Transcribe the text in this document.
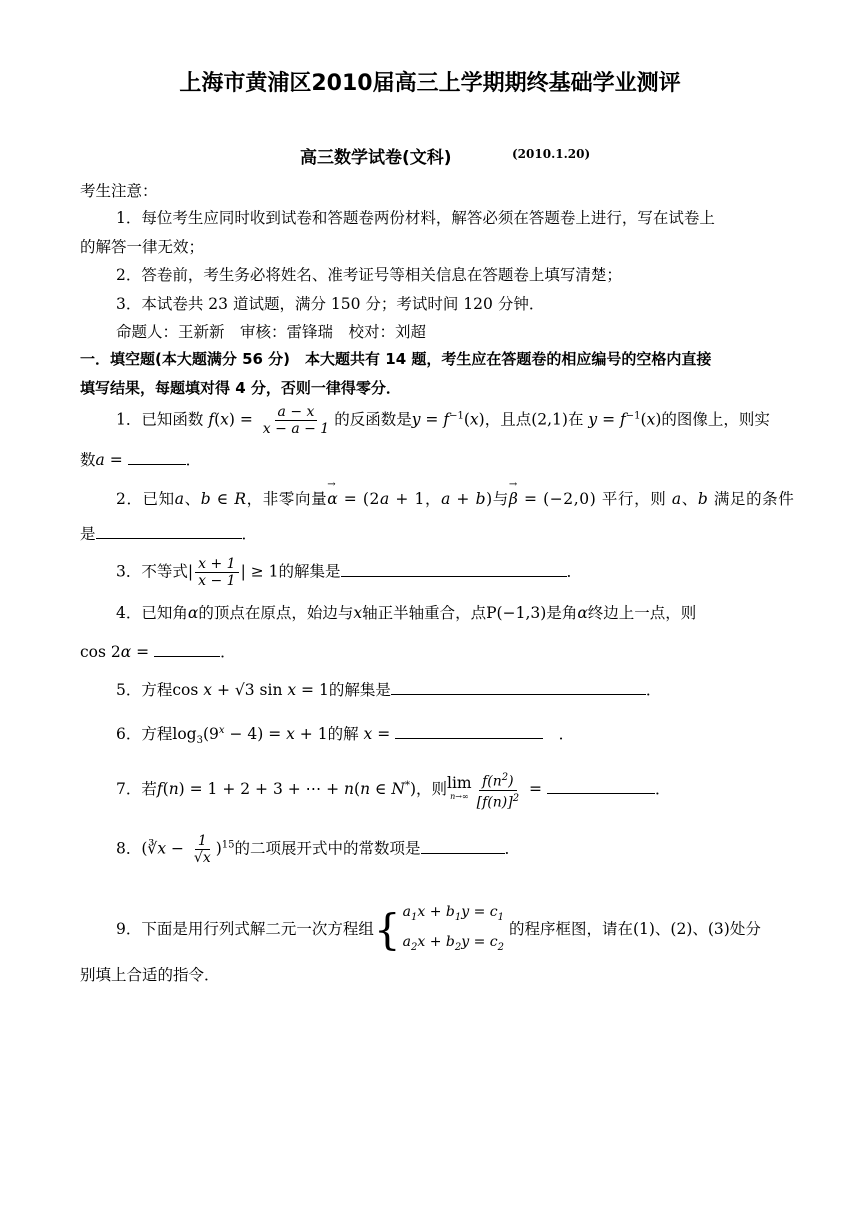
上海市黄浦区2010届高三上学期期终基础学业测评
高三数学试卷(文科)	(2010.1.20)
考生注意：
1．每位考生应同时收到试卷和答题卷两份材料，解答必须在答题卷上进行，写在试卷上
的解答一律无效；
2．答卷前，考生务必将姓名、准考证号等相关信息在答题卷上填写清楚；
3．本试卷共 23 道试题，满分 150 分；考试时间 120 分钟．
命题人：王新新　审核：雷锋瑞　校对：刘超
一．填空题(本大题满分 56 分)　本大题共有 14 题，考生应在答题卷的相应编号的空格内直接
填写结果，每题填对得 4 分，否则一律得零分．
1．已知函数 $f(x) = \frac{a - x}{x - a - 1}$ 的反函数是$y = f^{-1}(x)$，且点(2,1)在 $y = f^{-1}(x)$的图像上，则实
数a =	．
2．已知a、b ∈ R，非零向量→ α = (2a + 1，a + b)与→ β = (−2,0) 平行，则 a、b 满足的条件
是	．
3．不等式| $\frac{x + 1}{x - 1}$ | ≥ 1的解集是	．
4．已知角α的顶点在原点，始边与x轴正半轴重合，点P(−1,3)是角α终边上一点，则
cos 2α =	．
5．方程cos x + √3 sin x = 1的解集是	．
6．方程$\log_3(9^x - 4) = x + 1$的解 x =	　．
7．若f(n) = 1 + 2 + 3 + ⋯ + n(n ∈ N*)，则 lim
$n\to\infty \frac{f(n^2)}{[f(n)]^2}$ =	．
8．(∛x − $\frac{1}{√x} )^{15}$的二项展开式中的常数项是	．
9．下面是用行列式解二元一次方程组 { $a_1x + b_1y = c_1$
$a_2x + b_2y = c_2$
的程序框图，请在(1)、(2)、(3)处分
别填上合适的指令．
